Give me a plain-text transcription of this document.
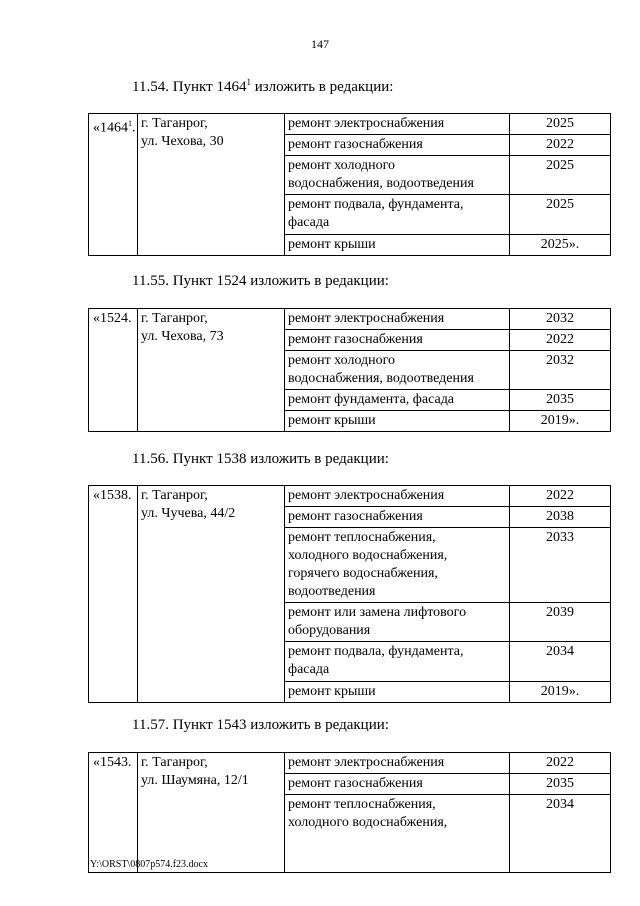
147
11.54. Пункт 1464$^1$ изложить в редакции:
«1464$^1$.	г. Таганрог,
ул. Чехова, 30	ремонт электроснабжения	2025
		ремонт газоснабжения	2022
		ремонт холодного
водоснабжения, водоотведения	2025
		ремонт подвала, фундамента,
фасада	2025
		ремонт крыши	2025».
11.55. Пункт 1524 изложить в редакции:
«1524.	г. Таганрог,
ул. Чехова, 73	ремонт электроснабжения	2032
		ремонт газоснабжения	2022
		ремонт холодного
водоснабжения, водоотведения	2032
		ремонт фундамента, фасада	2035
		ремонт крыши	2019».
11.56. Пункт 1538 изложить в редакции:
«1538.	г. Таганрог,
ул. Чучева, 44/2	ремонт электроснабжения	2022
		ремонт газоснабжения	2038
		ремонт теплоснабжения,
холодного водоснабжения,
горячего водоснабжения,
водоотведения	2033
		ремонт или замена лифтового
оборудования	2039
		ремонт подвала, фундамента,
фасада	2034
		ремонт крыши	2019».
11.57. Пункт 1543 изложить в редакции:
«1543.	г. Таганрог,
ул. Шаумяна, 12/1	ремонт электроснабжения	2022
		ремонт газоснабжения	2035
		ремонт теплоснабжения,
холодного водоснабжения,	2034
Y:\ORST\0807p574.f23.docx
